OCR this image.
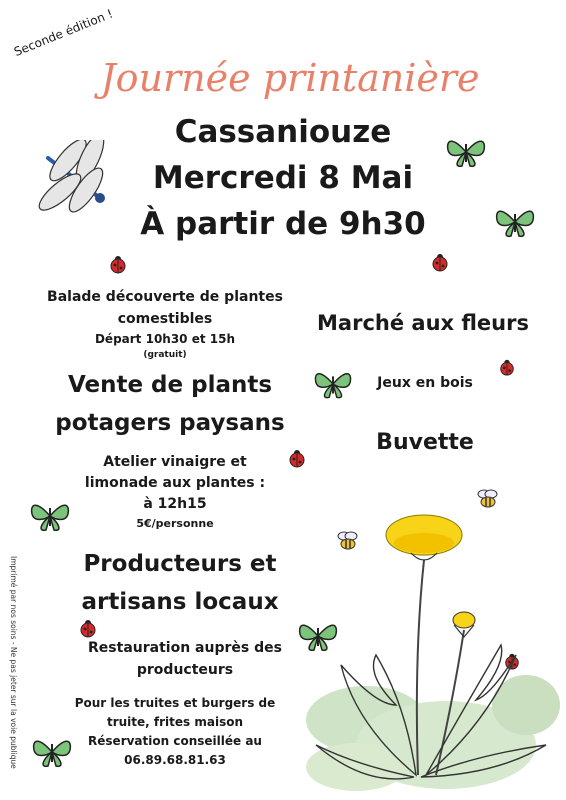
Seconde édition !
Journée printanière
Cassaniouze
Mercredi 8 Mai
À partir de 9h30
Balade découverte de plantes
comestibles
Départ 10h30 et 15h
(gratuit)
Marché aux fleurs
Vente de plants
potagers paysans
Jeux en bois
Buvette
Atelier vinaigre et
limonade aux plantes :
à 12h15
5€/personne
Producteurs et
artisans locaux
Restauration auprès des
producteurs
Pour les truites et burgers de
truite, frites maison
Réservation conseillée au
06.89.68.81.63
Imprimé par nos soins - Ne pas jeter sur la voie publique
